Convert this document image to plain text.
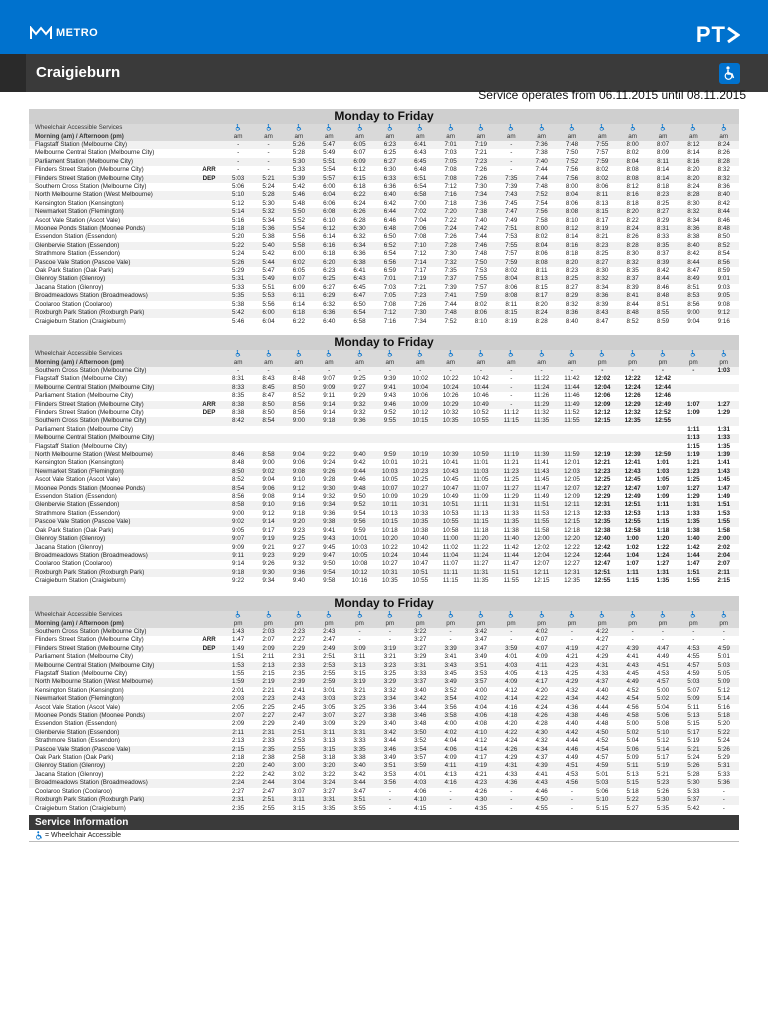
METRO	PT
Craigieburn
Service operates from 06.11.2015 until 08.11.2015
Monday to Friday
Wheelchair Accessible Services																		
Morning (am) / Afternoon (pm)		am	am	am	am	am	am	am	am	am	am	am	am	am	am	am	am	am
Flagstaff Station (Melbourne City)		-	-	5:26	5:47	6:05	6:23	6:41	7:01	7:19	-	7:36	7:48	7:55	8:00	8:07	8:12	8:24
Melbourne Central Station (Melbourne City)		-	-	5:28	5:49	6:07	6:25	6:43	7:03	7:21	-	7:38	7:50	7:57	8:02	8:09	8:14	8:26
Parliament Station (Melbourne City)		-	-	5:30	5:51	6:09	6:27	6:45	7:05	7:23	-	7:40	7:52	7:59	8:04	8:11	8:16	8:28
Flinders Street Station (Melbourne City)	ARR	-	-	5:33	5:54	6:12	6:30	6:48	7:08	7:26	-	7:44	7:56	8:02	8:08	8:14	8:20	8:32
Flinders Street Station (Melbourne City)	DEP	5:03	5:21	5:39	5:57	6:15	6:33	6:51	7:08	7:26	7:35	7:44	7:56	8:02	8:08	8:14	8:20	8:32
Southern Cross Station (Melbourne City)		5:06	5:24	5:42	6:00	6:18	6:36	6:54	7:12	7:30	7:39	7:48	8:00	8:06	8:12	8:18	8:24	8:36
North Melbourne Station (West Melbourne)		5:10	5:28	5:46	6:04	6:22	6:40	6:58	7:16	7:34	7:43	7:52	8:04	8:11	8:16	8:23	8:28	8:40
Kensington Station (Kensington)		5:12	5:30	5:48	6:06	6:24	6:42	7:00	7:18	7:36	7:45	7:54	8:06	8:13	8:18	8:25	8:30	8:42
Newmarket Station (Flemington)		5:14	5:32	5:50	6:08	6:26	6:44	7:02	7:20	7:38	7:47	7:56	8:08	8:15	8:20	8:27	8:32	8:44
Ascot Vale Station (Ascot Vale)		5:16	5:34	5:52	6:10	6:28	6:46	7:04	7:22	7:40	7:49	7:58	8:10	8:17	8:22	8:29	8:34	8:46
Moonee Ponds Station (Moonee Ponds)		5:18	5:36	5:54	6:12	6:30	6:48	7:06	7:24	7:42	7:51	8:00	8:12	8:19	8:24	8:31	8:36	8:48
Essendon Station (Essendon)		5:20	5:38	5:56	6:14	6:32	6:50	7:08	7:26	7:44	7:53	8:02	8:14	8:21	8:26	8:33	8:38	8:50
Glenbervie Station (Essendon)		5:22	5:40	5:58	6:16	6:34	6:52	7:10	7:28	7:46	7:55	8:04	8:16	8:23	8:28	8:35	8:40	8:52
Strathmore Station (Essendon)		5:24	5:42	6:00	6:18	6:36	6:54	7:12	7:30	7:48	7:57	8:06	8:18	8:25	8:30	8:37	8:42	8:54
Pascoe Vale Station (Pascoe Vale)		5:26	5:44	6:02	6:20	6:38	6:56	7:14	7:32	7:50	7:59	8:08	8:20	8:27	8:32	8:39	8:44	8:56
Oak Park Station (Oak Park)		5:29	5:47	6:05	6:23	6:41	6:59	7:17	7:35	7:53	8:02	8:11	8:23	8:30	8:35	8:42	8:47	8:59
Glenroy Station (Glenroy)		5:31	5:49	6:07	6:25	6:43	7:01	7:19	7:37	7:55	8:04	8:13	8:25	8:32	8:37	8:44	8:49	9:01
Jacana Station (Glenroy)		5:33	5:51	6:09	6:27	6:45	7:03	7:21	7:39	7:57	8:06	8:15	8:27	8:34	8:39	8:46	8:51	9:03
Broadmeadows Station (Broadmeadows)		5:35	5:53	6:11	6:29	6:47	7:05	7:23	7:41	7:59	8:08	8:17	8:29	8:36	8:41	8:48	8:53	9:05
Coolaroo Station (Coolaroo)		5:38	5:56	6:14	6:32	6:50	7:08	7:26	7:44	8:02	8:11	8:20	8:32	8:39	8:44	8:51	8:56	9:08
Roxburgh Park Station (Roxburgh Park)		5:42	6:00	6:18	6:36	6:54	7:12	7:30	7:48	8:06	8:15	8:24	8:36	8:43	8:48	8:55	9:00	9:12
Craigieburn Station (Craigieburn)		5:46	6:04	6:22	6:40	6:58	7:16	7:34	7:52	8:10	8:19	8:28	8:40	8:47	8:52	8:59	9:04	9:16
Monday to Friday
Wheelchair Accessible Services																		
Morning (am) / Afternoon (pm)		am	am	am	am	am	am	am	am	am	am	am	am	pm	pm	pm	pm	pm
Southern Cross Station (Melbourne City)		-	-	-	-	-	-	-	-	-	-	-	-	-	-	-	-	1:03
Flagstaff Station (Melbourne City)		8:31	8:43	8:48	9:07	9:25	9:39	10:02	10:22	10:42	-	11:22	11:42	12:02	12:22	12:42		
Melbourne Central Station (Melbourne City)		8:33	8:45	8:50	9:09	9:27	9:41	10:04	10:24	10:44	-	11:24	11:44	12:04	12:24	12:44		
Parliament Station (Melbourne City)		8:35	8:47	8:52	9:11	9:29	9:43	10:06	10:26	10:46	-	11:26	11:46	12:06	12:26	12:46		
Flinders Street Station (Melbourne City)	ARR	8:38	8:50	8:56	9:14	9:32	9:46	10:09	10:29	10:49	-	11:29	11:49	12:09	12:29	12:49	1:07	1:27
Flinders Street Station (Melbourne City)	DEP	8:38	8:50	8:56	9:14	9:32	9:52	10:12	10:32	10:52	11:12	11:32	11:52	12:12	12:32	12:52	1:09	1:29
Southern Cross Station (Melbourne City)		8:42	8:54	9:00	9:18	9:36	9:55	10:15	10:35	10:55	11:15	11:35	11:55	12:15	12:35	12:55		
Parliament Station (Melbourne City)																	1:11	1:31
Melbourne Central Station (Melbourne City)																	1:13	1:33
Flagstaff Station (Melbourne City)																	1:15	1:35
North Melbourne Station (West Melbourne)		8:46	8:58	9:04	9:22	9:40	9:59	10:19	10:39	10:59	11:19	11:39	11:59	12:19	12:39	12:59	1:19	1:39
Kensington Station (Kensington)		8:48	9:00	9:06	9:24	9:42	10:01	10:21	10:41	11:01	11:21	11:41	12:01	12:21	12:41	1:01	1:21	1:41
Newmarket Station (Flemington)		8:50	9:02	9:08	9:26	9:44	10:03	10:23	10:43	11:03	11:23	11:43	12:03	12:23	12:43	1:03	1:23	1:43
Ascot Vale Station (Ascot Vale)		8:52	9:04	9:10	9:28	9:46	10:05	10:25	10:45	11:05	11:25	11:45	12:05	12:25	12:45	1:05	1:25	1:45
Moonee Ponds Station (Moonee Ponds)		8:54	9:06	9:12	9:30	9:48	10:07	10:27	10:47	11:07	11:27	11:47	12:07	12:27	12:47	1:07	1:27	1:47
Essendon Station (Essendon)		8:56	9:08	9:14	9:32	9:50	10:09	10:29	10:49	11:09	11:29	11:49	12:09	12:29	12:49	1:09	1:29	1:49
Glenbervie Station (Essendon)		8:58	9:10	9:16	9:34	9:52	10:11	10:31	10:51	11:11	11:31	11:51	12:11	12:31	12:51	1:11	1:31	1:51
Strathmore Station (Essendon)		9:00	9:12	9:18	9:36	9:54	10:13	10:33	10:53	11:13	11:33	11:53	12:13	12:33	12:53	1:13	1:33	1:53
Pascoe Vale Station (Pascoe Vale)		9:02	9:14	9:20	9:38	9:56	10:15	10:35	10:55	11:15	11:35	11:55	12:15	12:35	12:55	1:15	1:35	1:55
Oak Park Station (Oak Park)		9:05	9:17	9:23	9:41	9:59	10:18	10:38	10:58	11:18	11:38	11:58	12:18	12:38	12:58	1:18	1:38	1:58
Glenroy Station (Glenroy)		9:07	9:19	9:25	9:43	10:01	10:20	10:40	11:00	11:20	11:40	12:00	12:20	12:40	1:00	1:20	1:40	2:00
Jacana Station (Glenroy)		9:09	9:21	9:27	9:45	10:03	10:22	10:42	11:02	11:22	11:42	12:02	12:22	12:42	1:02	1:22	1:42	2:02
Broadmeadows Station (Broadmeadows)		9:11	9:23	9:29	9:47	10:05	10:24	10:44	11:04	11:24	11:44	12:04	12:24	12:44	1:04	1:24	1:44	2:04
Coolaroo Station (Coolaroo)		9:14	9:26	9:32	9:50	10:08	10:27	10:47	11:07	11:27	11:47	12:07	12:27	12:47	1:07	1:27	1:47	2:07
Roxburgh Park Station (Roxburgh Park)		9:18	9:30	9:36	9:54	10:12	10:31	10:51	11:11	11:31	11:51	12:11	12:31	12:51	1:11	1:31	1:51	2:11
Craigieburn Station (Craigieburn)		9:22	9:34	9:40	9:58	10:16	10:35	10:55	11:15	11:35	11:55	12:15	12:35	12:55	1:15	1:35	1:55	2:15
Monday to Friday
Wheelchair Accessible Services																		
Morning (am) / Afternoon (pm)		pm	pm	pm	pm	pm	pm	pm	pm	pm	pm	pm	pm	pm	pm	pm	pm	pm
Southern Cross Station (Melbourne City)		1:43	2:03	2:23	2:43	-	-	3:22	-	3:42	-	4:02	-	4:22	-	-	-	-
Flinders Street Station (Melbourne City)	ARR	1:47	2:07	2:27	2:47	-	-	3:27	-	3:47	-	4:07	-	4:27	-	-	-	-
Flinders Street Station (Melbourne City)	DEP	1:49	2:09	2:29	2:49	3:09	3:19	3:27	3:39	3:47	3:59	4:07	4:19	4:27	4:39	4:47	4:53	4:59
Parliament Station (Melbourne City)		1:51	2:11	2:31	2:51	3:11	3:21	3:29	3:41	3:49	4:01	4:09	4:21	4:29	4:41	4:49	4:55	5:01
Melbourne Central Station (Melbourne City)		1:53	2:13	2:33	2:53	3:13	3:23	3:31	3:43	3:51	4:03	4:11	4:23	4:31	4:43	4:51	4:57	5:03
Flagstaff Station (Melbourne City)		1:55	2:15	2:35	2:55	3:15	3:25	3:33	3:45	3:53	4:05	4:13	4:25	4:33	4:45	4:53	4:59	5:05
North Melbourne Station (West Melbourne)		1:59	2:19	2:39	2:59	3:19	3:29	3:37	3:49	3:57	4:09	4:17	4:29	4:37	4:49	4:57	5:03	5:09
Kensington Station (Kensington)		2:01	2:21	2:41	3:01	3:21	3:32	3:40	3:52	4:00	4:12	4:20	4:32	4:40	4:52	5:00	5:07	5:12
Newmarket Station (Flemington)		2:03	2:23	2:43	3:03	3:23	3:34	3:42	3:54	4:02	4:14	4:22	4:34	4:42	4:54	5:02	5:09	5:14
Ascot Vale Station (Ascot Vale)		2:05	2:25	2:45	3:05	3:25	3:36	3:44	3:56	4:04	4:16	4:24	4:36	4:44	4:56	5:04	5:11	5:16
Moonee Ponds Station (Moonee Ponds)		2:07	2:27	2:47	3:07	3:27	3:38	3:46	3:58	4:06	4:18	4:26	4:38	4:46	4:58	5:06	5:13	5:18
Essendon Station (Essendon)		2:09	2:29	2:49	3:09	3:29	3:40	3:48	4:00	4:08	4:20	4:28	4:40	4:48	5:00	5:08	5:15	5:20
Glenbervie Station (Essendon)		2:11	2:31	2:51	3:11	3:31	3:42	3:50	4:02	4:10	4:22	4:30	4:42	4:50	5:02	5:10	5:17	5:22
Strathmore Station (Essendon)		2:13	2:33	2:53	3:13	3:33	3:44	3:52	4:04	4:12	4:24	4:32	4:44	4:52	5:04	5:12	5:19	5:24
Pascoe Vale Station (Pascoe Vale)		2:15	2:35	2:55	3:15	3:35	3:46	3:54	4:06	4:14	4:26	4:34	4:46	4:54	5:06	5:14	5:21	5:26
Oak Park Station (Oak Park)		2:18	2:38	2:58	3:18	3:38	3:49	3:57	4:09	4:17	4:29	4:37	4:49	4:57	5:09	5:17	5:24	5:29
Glenroy Station (Glenroy)		2:20	2:40	3:00	3:20	3:40	3:51	3:59	4:11	4:19	4:31	4:39	4:51	4:59	5:11	5:19	5:26	5:31
Jacana Station (Glenroy)		2:22	2:42	3:02	3:22	3:42	3:53	4:01	4:13	4:21	4:33	4:41	4:53	5:01	5:13	5:21	5:28	5:33
Broadmeadows Station (Broadmeadows)		2:24	2:44	3:04	3:24	3:44	3:56	4:03	4:16	4:23	4:36	4:43	4:56	5:03	5:15	5:23	5:30	5:36
Coolaroo Station (Coolaroo)		2:27	2:47	3:07	3:27	3:47	-	4:06	-	4:26	-	4:46	-	5:06	5:18	5:26	5:33	-
Roxburgh Park Station (Roxburgh Park)		2:31	2:51	3:11	3:31	3:51	-	4:10	-	4:30	-	4:50	-	5:10	5:22	5:30	5:37	-
Craigieburn Station (Craigieburn)		2:35	2:55	3:15	3:35	3:55	-	4:15	-	4:35	-	4:55	-	5:15	5:27	5:35	5:42	-
Service Information
= Wheelchair Accessible
